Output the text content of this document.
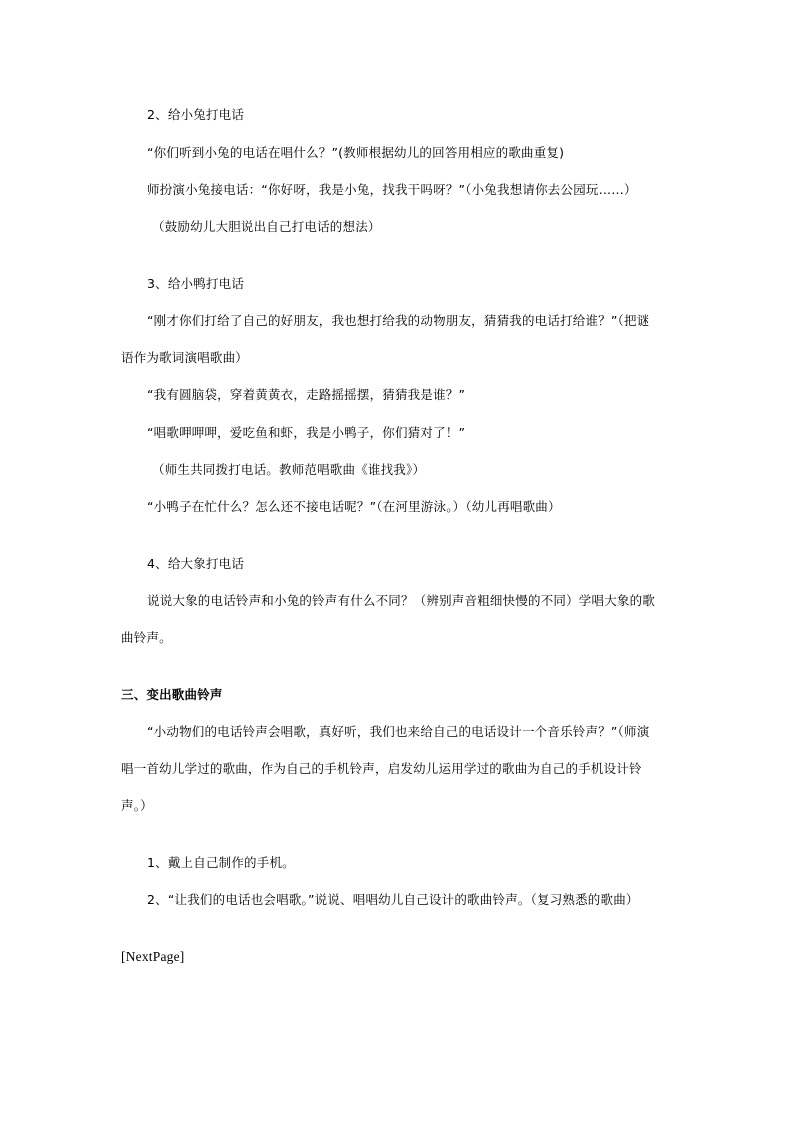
2、给小兔打电话
“你们听到小兔的电话在唱什么？”(教师根据幼儿的回答用相应的歌曲重复)
师扮演小兔接电话：“你好呀，我是小兔，找我干吗呀？”（小兔我想请你去公园玩……）
（鼓励幼儿大胆说出自己打电话的想法）
3、给小鸭打电话
“刚才你们打给了自己的好朋友，我也想打给我的动物朋友，猜猜我的电话打给谁？”（把谜
语作为歌词演唱歌曲）
“我有圆脑袋，穿着黄黄衣，走路摇摇摆，猜猜我是谁？”
“唱歌呷呷呷，爱吃鱼和虾，我是小鸭子，你们猜对了！”
（师生共同拨打电话。教师范唱歌曲《谁找我》）
“小鸭子在忙什么？怎么还不接电话呢？”（在河里游泳。）（幼儿再唱歌曲）
4、给大象打电话
说说大象的电话铃声和小兔的铃声有什么不同？（辨别声音粗细快慢的不同）学唱大象的歌
曲铃声。
三、变出歌曲铃声
“小动物们的电话铃声会唱歌，真好听，我们也来给自己的电话设计一个音乐铃声？”（师演
唱一首幼儿学过的歌曲，作为自己的手机铃声，启发幼儿运用学过的歌曲为自己的手机设计铃
声。）
1、戴上自己制作的手机。
2、“让我们的电话也会唱歌。”说说、唱唱幼儿自己设计的歌曲铃声。（复习熟悉的歌曲）
[NextPage]
